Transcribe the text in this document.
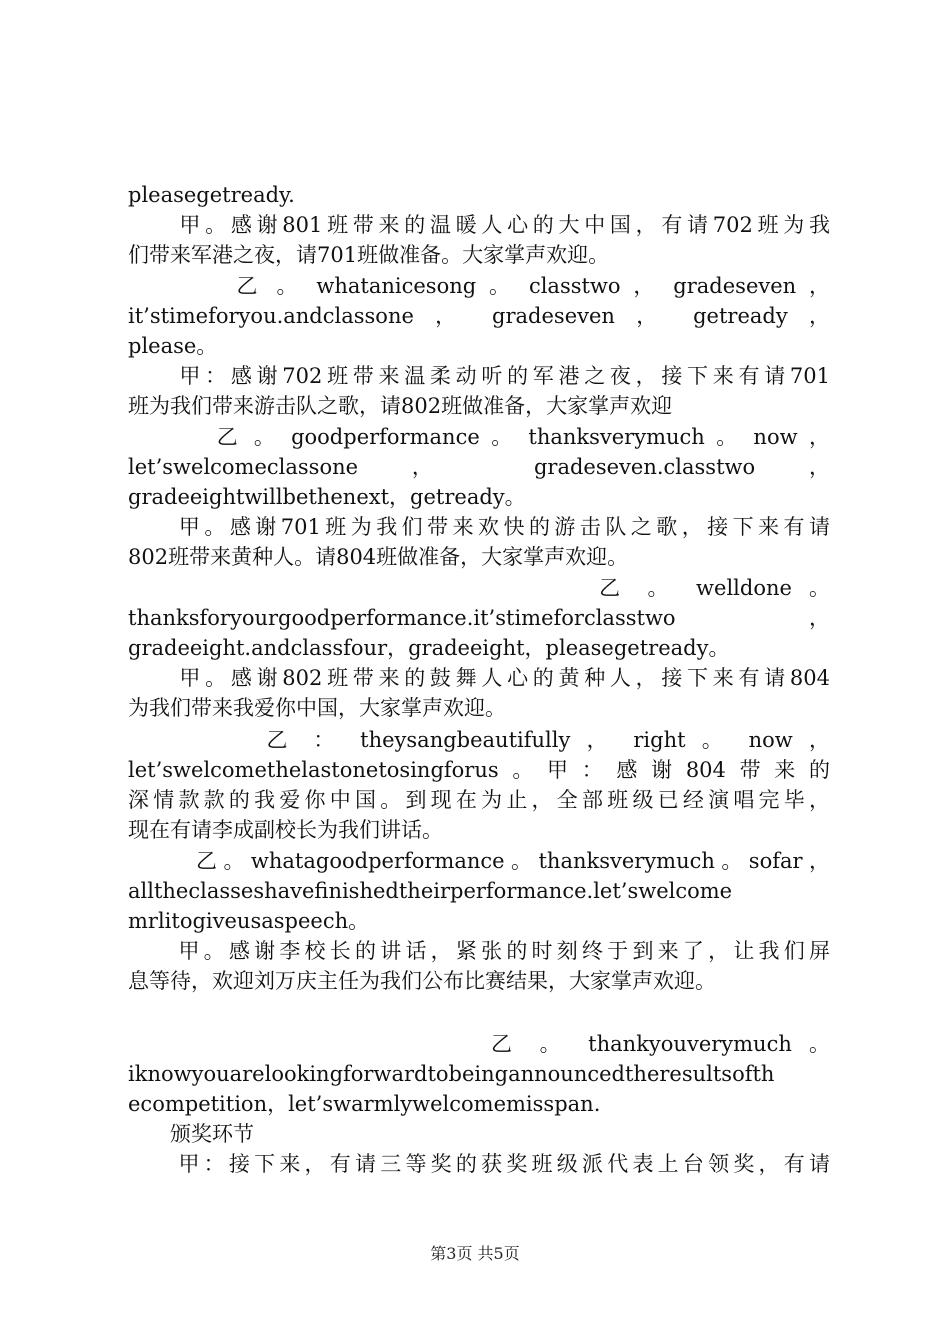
pleasegetready.
　　甲。感谢801班带来的温暖人心的大中国，有请702班为我
们带来军港之夜，请701班做准备。大家掌声欢迎。
　　　　乙 。 whatanicesong 。 classtwo ， gradeseven ，
it’stimeforyou.andclassone ， gradeseven ， getready ，
please。
　　甲：感谢702班带来温柔动听的军港之夜，接下来有请701
班为我们带来游击队之歌，请802班做准备，大家掌声欢迎
　　　 乙 。 goodperformance 。 thanksverymuch 。 now ，
let’swelcomeclassone ， gradeseven.classtwo ，
gradeeightwillbethenext，getready。
　　甲。感谢701班为我们带来欢快的游击队之歌，接下来有请
802班带来黄种人。请804班做准备，大家掌声欢迎。
　　　　　　　　　　　　　　　乙 。 welldone 。
thanksforyourgoodperformance.it’stimeforclasstwo ，
gradeeight.andclassfour，gradeeight，pleasegetready。
　　甲。感谢802班带来的鼓舞人心的黄种人，接下来有请804
为我们带来我爱你中国，大家掌声欢迎。
　　　　 乙 ： theysangbeautifully ， right 。 now ，
let’swelcomethelastonetosingforus。甲：感谢804带来的
深情款款的我爱你中国。到现在为止，全部班级已经演唱完毕，
现在有请李成副校长为我们讲话。
　　 乙。whatagoodperformance。thanksverymuch。sofar，
alltheclasseshavefinishedtheirperformance.let’swelcome
mrlitogiveusaspeech。
　　甲。感谢李校长的讲话，紧张的时刻终于到来了，让我们屏
息等待，欢迎刘万庆主任为我们公布比赛结果，大家掌声欢迎。
　　　　　　　　　　　 乙 。 thankyouverymuch 。
iknowyouarelookingforwardtobeingannouncedtheresultsofth
ecompetition，let’swarmlywelcomemisspan.
　　颁奖环节
　　甲：接下来，有请三等奖的获奖班级派代表上台领奖，有请
第3页 共5页
